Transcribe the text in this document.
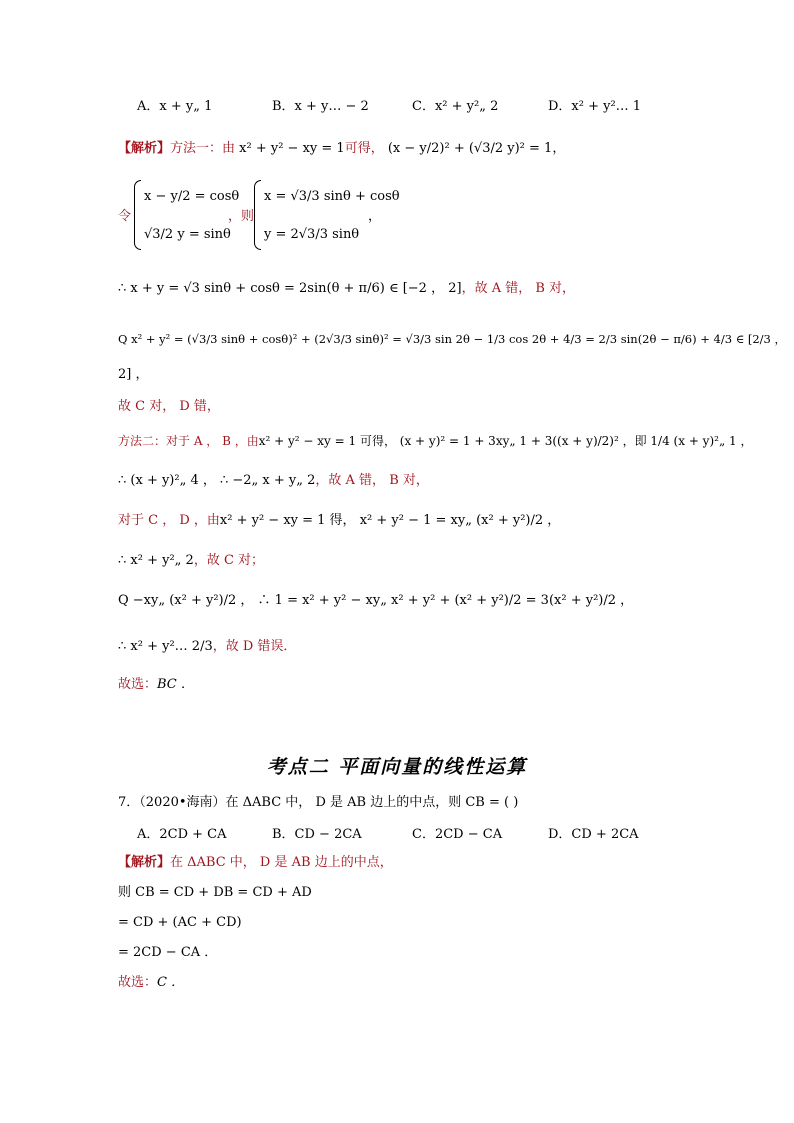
A．x + y„ 1	B．x + y… − 2	C．x² + y²„ 2	D．x² + y²… 1
【解析】方法一：由 x² + y² − xy = 1可得， (x − y/2)² + (√3/2 y)² = 1，
令
x − y/2 = cosθ
√3/2 y = sinθ
，则
x = √3/3 sinθ + cosθ
y = 2√3/3 sinθ
，
∴ x + y = √3 sinθ + cosθ = 2sin(θ + π/6) ∈ [−2 ， 2]，故 A 错， B 对，
Q x² + y² = (√3/3 sinθ + cosθ)² + (2√3/3 sinθ)² = √3/3 sin 2θ − 1/3 cos 2θ + 4/3 = 2/3 sin(2θ − π/6) + 4/3 ∈ [2/3 ，
2] ，
故 C 对， D 错，
方法二：对于 A ， B ，由x² + y² − xy = 1 可得， (x + y)² = 1 + 3xy„ 1 + 3((x + y)/2)² ，即 1/4 (x + y)²„ 1 ，
∴ (x + y)²„ 4 ， ∴ −2„ x + y„ 2，故 A 错， B 对，
对于 C ， D ，由x² + y² − xy = 1 得， x² + y² − 1 = xy„ (x² + y²)/2 ，
∴ x² + y²„ 2，故 C 对；
Q −xy„ (x² + y²)/2 ， ∴ 1 = x² + y² − xy„ x² + y² + (x² + y²)/2 = 3(x² + y²)/2 ，
∴ x² + y²… 2/3，故 D 错误．
故选：BC ．
考点二 平面向量的线性运算
7．（2020•海南）在 ΔABC 中， D 是 AB 边上的中点，则 CB = ( )
A．2CD + CA	B．CD − 2CA	C．2CD − CA	D．CD + 2CA
【解析】在 ΔABC 中， D 是 AB 边上的中点，
则 CB = CD + DB = CD + AD
= CD + (AC + CD)
= 2CD − CA ．
故选：C ．
